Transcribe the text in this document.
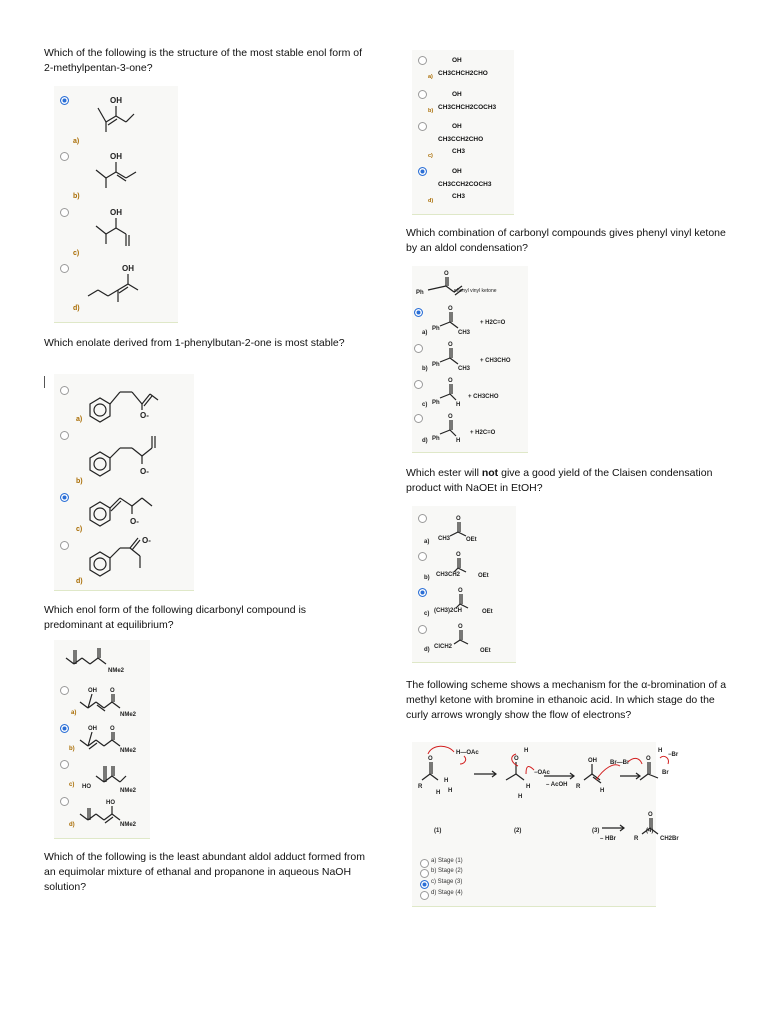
Which of the following is the structure of the most stable enol form of 2-methylpentan-3-one?

a)
b)
c)
d)
OH
OH
OH
OH

Which enolate derived from 1-phenylbutan-2-one is most stable?

a)
b)
c)
d)
O-
O-
O-
O-

Which enol form of the following dicarbonyl compound is predominant at equilibrium?

NMe2
a)
b)
c)
d)
OH O
NMe2
OH O
NMe2
HO
NMe2
HO
NMe2

Which of the following is the least abundant aldol adduct formed from an equimolar mixture of ethanal and propanone in aqueous NaOH solution?

a)
b)
c)
d)
OH
CH3CHCH2CHO
OH
CH3CHCH2COCH3
OH
CH3CCH2CHO
CH3
OH
CH3CCH2COCH3
CH3

Which combination of carbonyl compounds gives phenyl vinyl ketone by an aldol condensation?

O
Ph	phenyl vinyl ketone
a)
O
Ph
CH3
+ H2C=O
b)
O
Ph
CH3
+ CH3CHO
c)
O
Ph	H
+ CH3CHO
d)
O
Ph	H
+ H2C=O

Which ester will not give a good yield of the Claisen condensation product with NaOEt in EtOH?

a)
O
CH3	OEt
b)
O
CH3CH2	OEt
c)
O
(CH3)2CH	OEt
d)
O
ClCH2
OEt

The following scheme shows a mechanism for the α-bromination of a methyl ketone with bromine in ethanoic acid. In which stage do the curly arrows wrongly show the flow of electrons?

O
H—OAc
R
H
H H
(1)
O
H
−OAc
H
H
(2)
– AcOH
OH
R
Br—Br
H
(3)	(4)
O
H
−Br
Br
– HBr
O
R	CH2Br
a) Stage (1)
b) Stage (2)
c) Stage (3)
d) Stage (4)
